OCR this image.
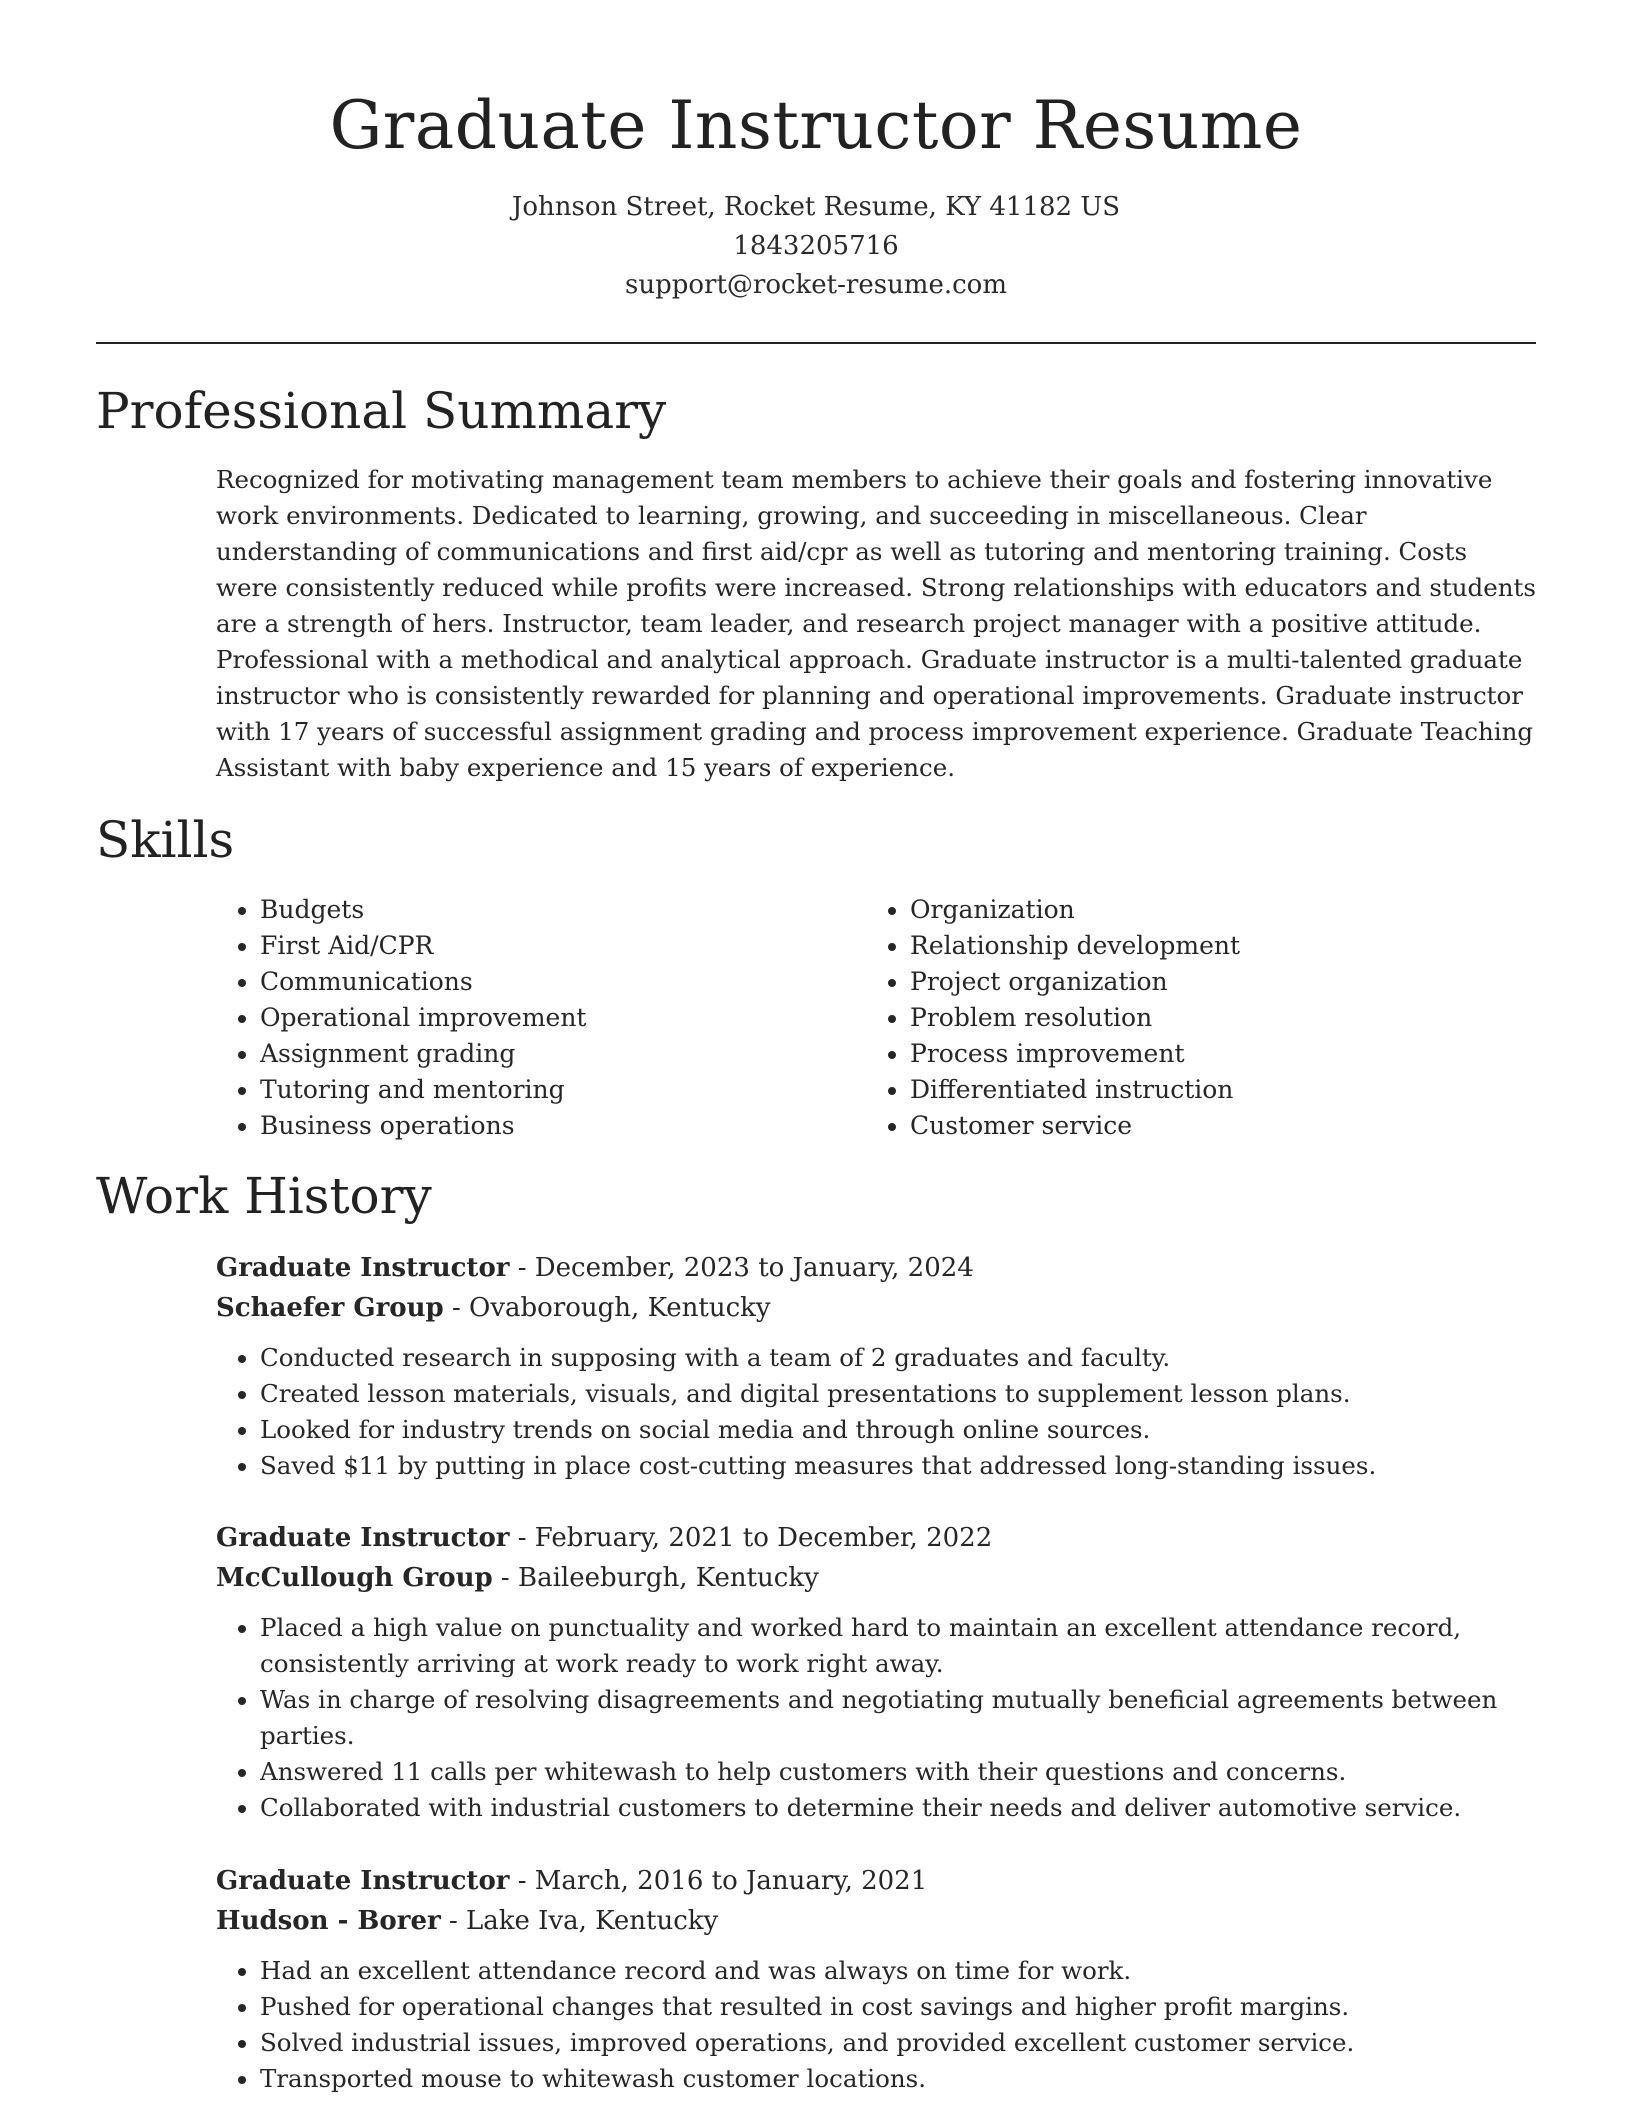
Graduate Instructor Resume
Johnson Street, Rocket Resume, KY 41182 US
1843205716
support@rocket-resume.com
Professional Summary

Recognized for motivating management team members to achieve their goals and fostering innovative work environments. Dedicated to learning, growing, and succeeding in miscellaneous. Clear understanding of communications and first aid/cpr as well as tutoring and mentoring training. Costs were consistently reduced while profits were increased. Strong relationships with educators and students are a strength of hers. Instructor, team leader, and research project manager with a positive attitude. Professional with a methodical and analytical approach. Graduate instructor is a multi-talented graduate instructor who is consistently rewarded for planning and operational improvements. Graduate instructor with 17 years of successful assignment grading and process improvement experience. Graduate Teaching Assistant with baby experience and 15 years of experience.

Skills
• Budgets
• First Aid/CPR
• Communications
• Operational improvement
• Assignment grading
• Tutoring and mentoring
• Business operations
• Organization
• Relationship development
• Project organization
• Problem resolution
• Process improvement
• Differentiated instruction
• Customer service
Work History
Graduate Instructor - December, 2023 to January, 2024
Schaefer Group - Ovaborough, Kentucky
• Conducted research in supposing with a team of 2 graduates and faculty.
• Created lesson materials, visuals, and digital presentations to supplement lesson plans.
• Looked for industry trends on social media and through online sources.
• Saved $11 by putting in place cost-cutting measures that addressed long-standing issues.
Graduate Instructor - February, 2021 to December, 2022
McCullough Group - Baileeburgh, Kentucky
• Placed a high value on punctuality and worked hard to maintain an excellent attendance record, consistently arriving at work ready to work right away.
• Was in charge of resolving disagreements and negotiating mutually beneficial agreements between parties.
• Answered 11 calls per whitewash to help customers with their questions and concerns.
• Collaborated with industrial customers to determine their needs and deliver automotive service.
Graduate Instructor - March, 2016 to January, 2021
Hudson - Borer - Lake Iva, Kentucky
• Had an excellent attendance record and was always on time for work.
• Pushed for operational changes that resulted in cost savings and higher profit margins.
• Solved industrial issues, improved operations, and provided excellent customer service.
• Transported mouse to whitewash customer locations.
